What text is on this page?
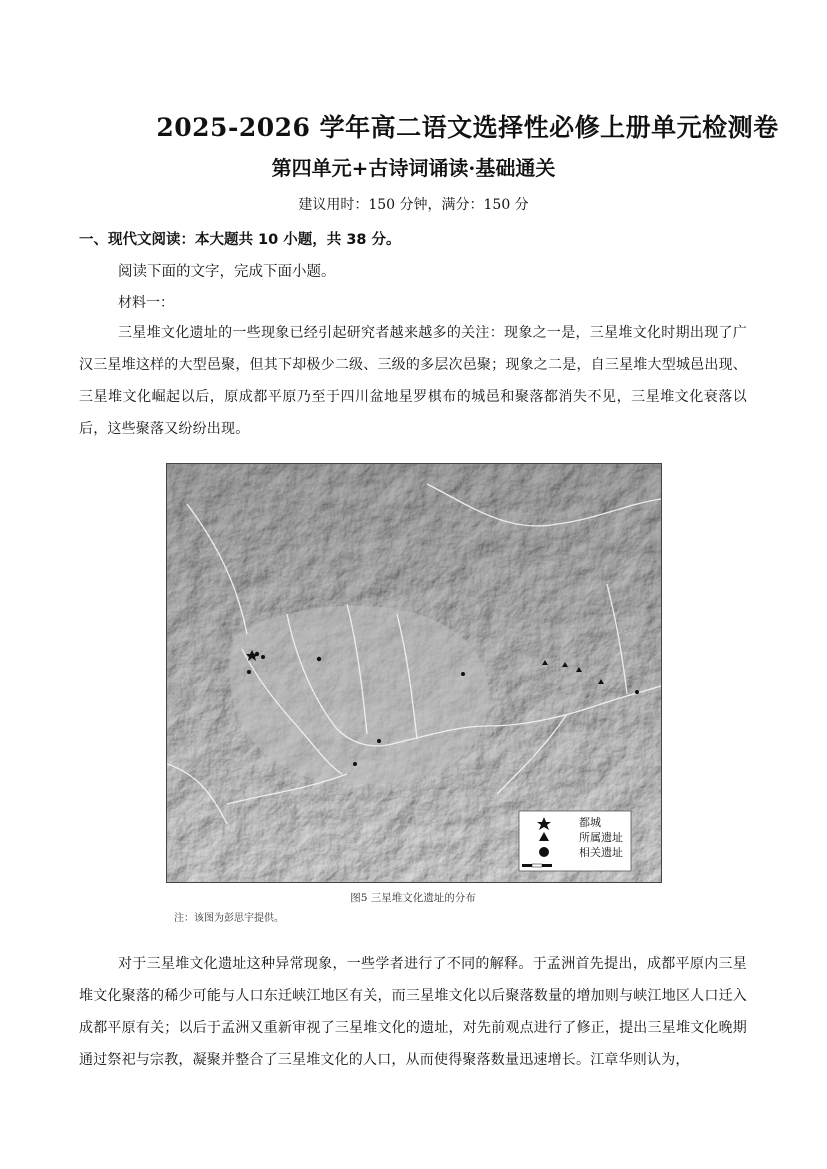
2025-2026 学年高二语文选择性必修上册单元检测卷
第四单元+古诗词诵读·基础通关
建议用时：150 分钟，满分：150 分
一、现代文阅读：本大题共 10 小题，共 38 分。
阅读下面的文字，完成下面小题。
材料一：
三星堆文化遗址的一些现象已经引起研究者越来越多的关注：现象之一是，三星堆文化时期出现了广汉三星堆这样的大型邑聚，但其下却极少二级、三级的多层次邑聚；现象之二是，自三星堆大型城邑出现、三星堆文化崛起以后，原成都平原乃至于四川盆地星罗棋布的城邑和聚落都消失不见，三星堆文化衰落以后，这些聚落又纷纷出现。
都城
所属遗址
相关遗址
图5 三星堆文化遗址的分布
注：该图为彭思宇提供。
对于三星堆文化遗址这种异常现象，一些学者进行了不同的解释。于孟洲首先提出，成都平原内三星堆文化聚落的稀少可能与人口东迁峡江地区有关，而三星堆文化以后聚落数量的增加则与峡江地区人口迁入成都平原有关；以后于孟洲又重新审视了三星堆文化的遗址，对先前观点进行了修正，提出三星堆文化晚期通过祭祀与宗教，凝聚并整合了三星堆文化的人口，从而使得聚落数量迅速增长。江章华则认为，
